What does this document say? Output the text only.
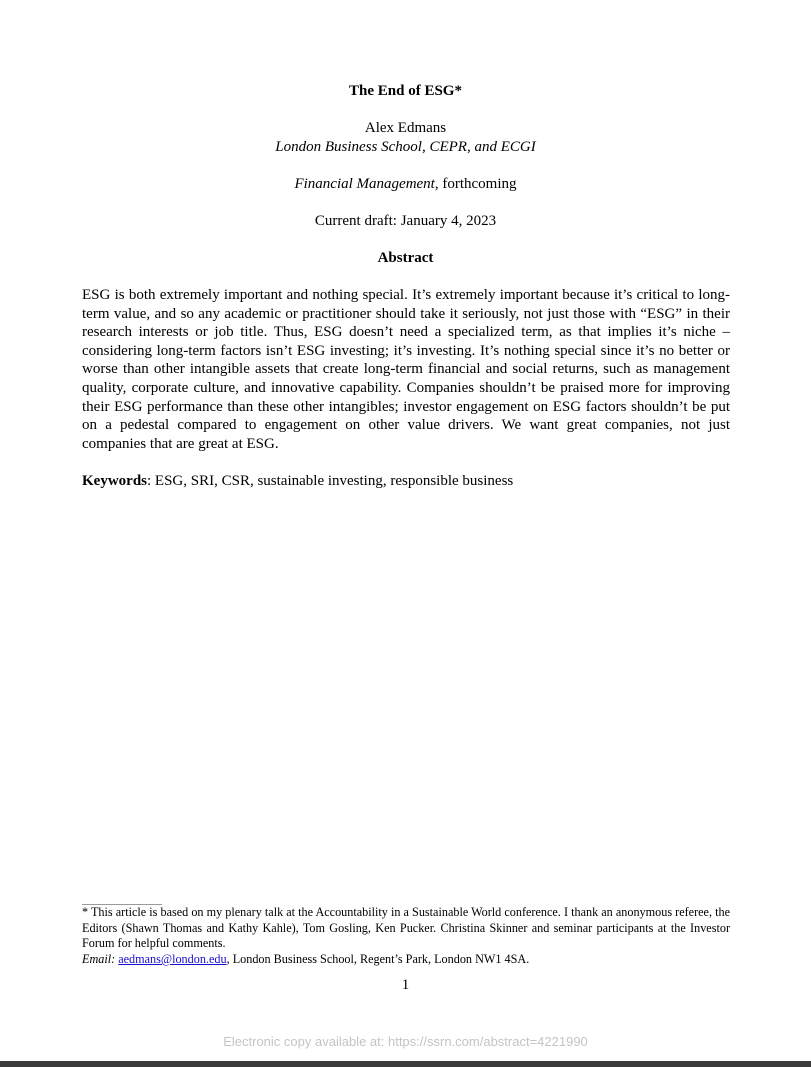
The End of ESG*
Alex Edmans
London Business School, CEPR, and ECGI
Financial Management, forthcoming
Current draft: January 4, 2023
Abstract

ESG is both extremely important and nothing special. It’s extremely important because it’s critical to long-term value, and so any academic or practitioner should take it seriously, not just those with “ESG” in their research interests or job title. Thus, ESG doesn’t need a specialized term, as that implies it’s niche – considering long-term factors isn’t ESG investing; it’s investing. It’s nothing special since it’s no better or worse than other intangible assets that create long-term financial and social returns, such as management quality, corporate culture, and innovative capability. Companies shouldn’t be praised more for improving their ESG performance than these other intangibles; investor engagement on ESG factors shouldn’t be put on a pedestal compared to engagement on other value drivers. We want great companies, not just companies that are great at ESG.

Keywords: ESG, SRI, CSR, sustainable investing, responsible business

* This article is based on my plenary talk at the Accountability in a Sustainable World conference. I thank an anonymous referee, the Editors (Shawn Thomas and Kathy Kahle), Tom Gosling, Ken Pucker. Christina Skinner and seminar participants at the Investor Forum for helpful comments.

Email: aedmans@london.edu, London Business School, Regent’s Park, London NW1 4SA.
1
Electronic copy available at: https://ssrn.com/abstract=4221990
